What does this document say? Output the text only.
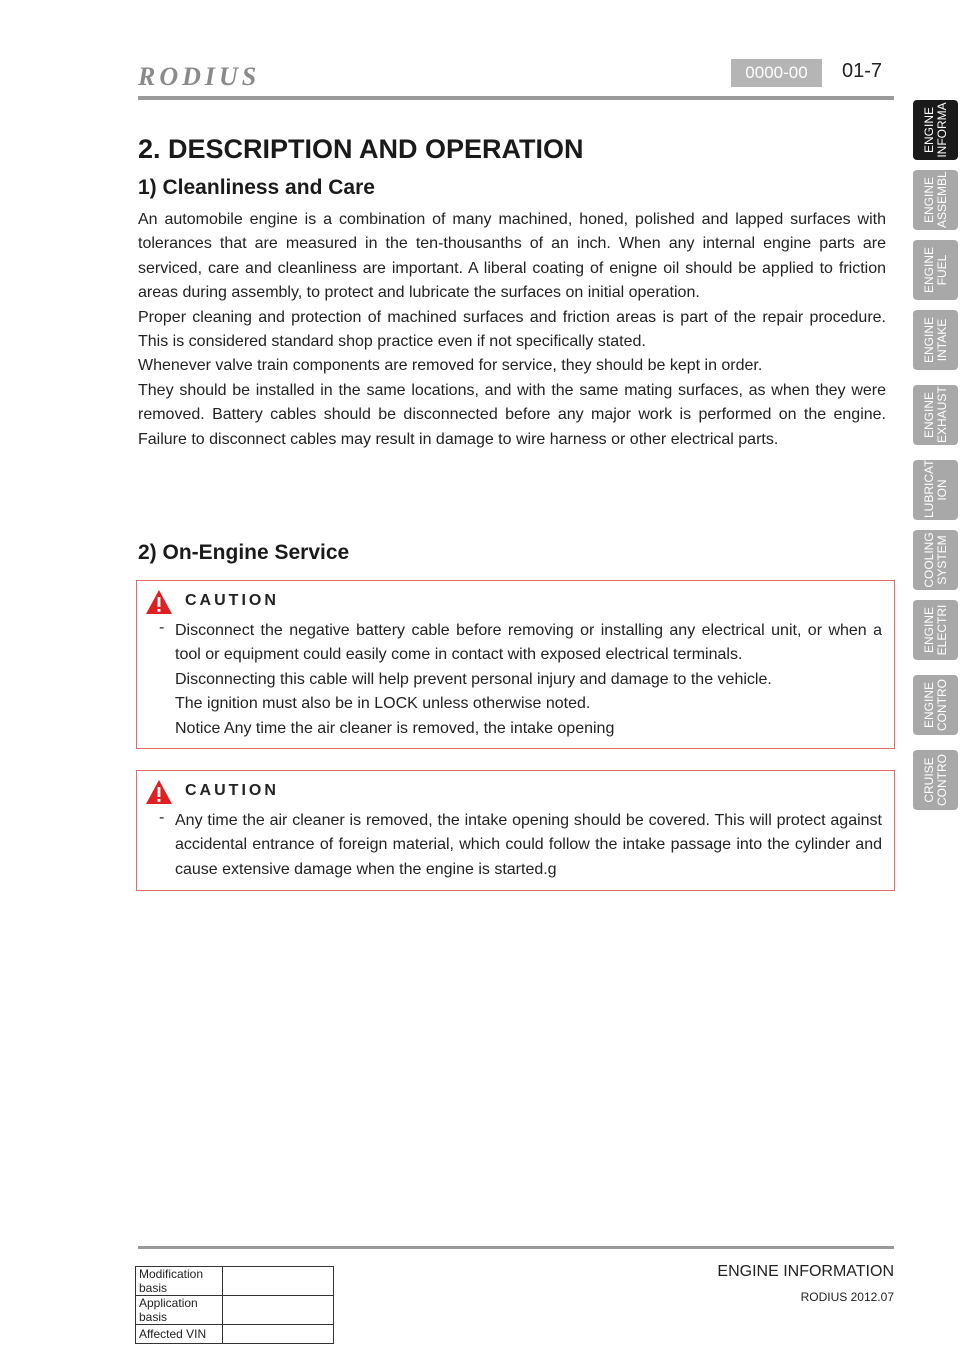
RODIUS	0000-00	01-7
2. DESCRIPTION AND OPERATION
1) Cleanliness and Care

An automobile engine is a combination of many machined, honed, polished and lapped surfaces with tolerances that are measured in the ten-thousanths of an inch. When any internal engine parts are serviced, care and cleanliness are important. A liberal coating of enigne oil should be applied to friction areas during assembly, to protect and lubricate the surfaces on initial operation.

Proper cleaning and protection of machined surfaces and friction areas is part of the repair procedure. This is considered standard shop practice even if not specifically stated.

Whenever valve train components are removed for service, they should be kept in order.

They should be installed in the same locations, and with the same mating surfaces, as when they were removed. Battery cables should be disconnected before any major work is performed on the engine. Failure to disconnect cables may result in damage to wire harness or other electrical parts.

2) On-Engine Service
CAUTION
- Disconnect the negative battery cable before removing or installing any electrical unit, or when a tool or equipment could easily come in contact with exposed electrical terminals.

Disconnecting this cable will help prevent personal injury and damage to the vehicle.

The ignition must also be in LOCK unless otherwise noted.

Notice Any time the air cleaner is removed, the intake opening

CAUTION
- Any time the air cleaner is removed, the intake opening should be covered. This will protect against accidental entrance of foreign material, which could follow the intake passage into the cylinder and cause extensive damage when the engine is started.g

ENGINE
INFORMA
ENGINE
ASSEMBL
ENGINE
FUEL
ENGINE
INTAKE
ENGINE
EXHAUST
LUBRICAT
ION
COOLING
SYSTEM
ENGINE
ELECTRI
ENGINE
CONTRO
CRUISE
CONTRO
Modification basis	
Application basis	
Affected VIN	
ENGINE INFORMATION
RODIUS 2012.07
